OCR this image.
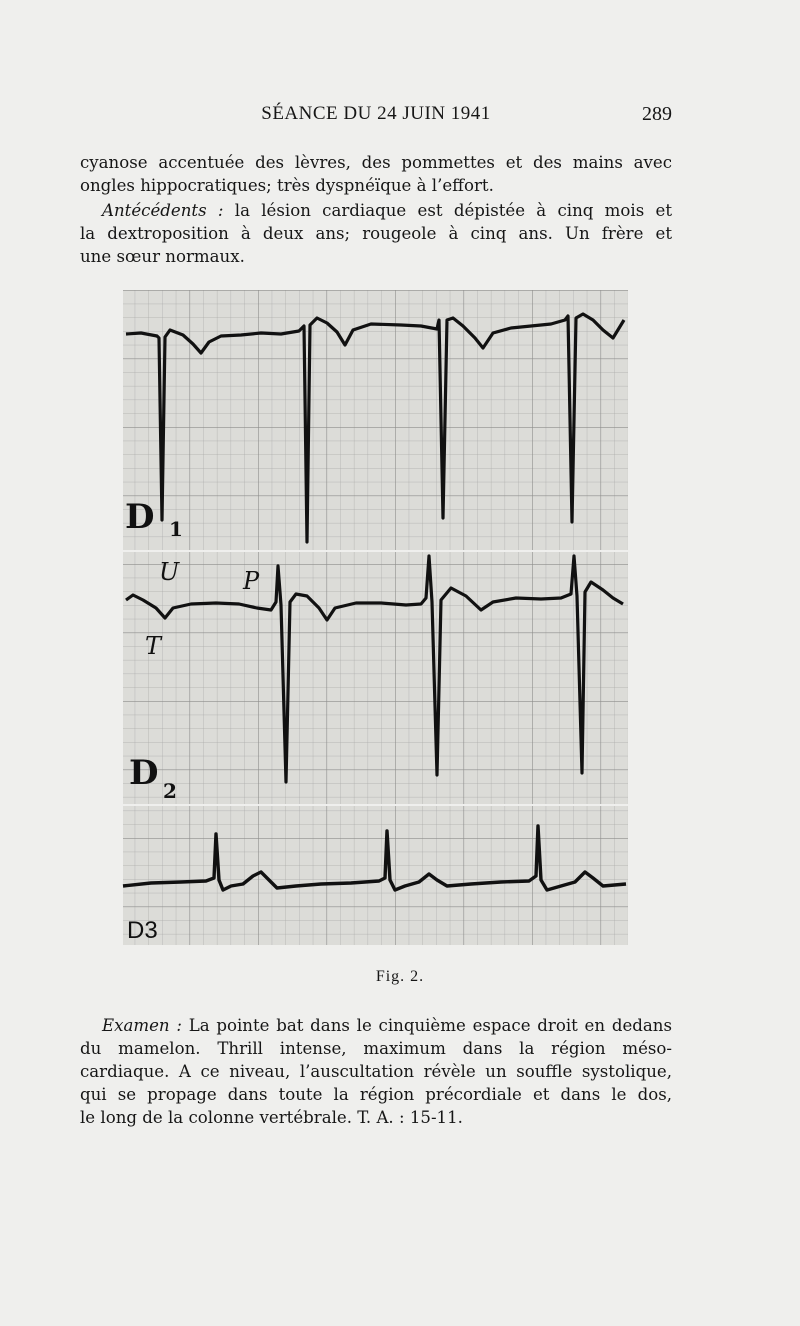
SÉANCE DU 24 JUIN 1941	289

cyanose accentuée des lèvres, des pommettes et des mains avec
ongles hippocratiques; très dyspnéïque à l’effort.

Antécédents : la lésion cardiaque est dépistée à cinq mois et
la dextroposition à deux ans; rougeole à cinq ans. Un frère et
une sœur normaux.

D 1
U	P
T
D 2
D3
Fig. 2.

Examen : La pointe bat dans le cinquième espace droit en dedans
du mamelon. Thrill intense, maximum dans la région méso-
cardiaque. A ce niveau, l’auscultation révèle un souffle systolique,
qui se propage dans toute la région précordiale et dans le dos,
le long de la colonne vertébrale. T. A. : 15-11.
